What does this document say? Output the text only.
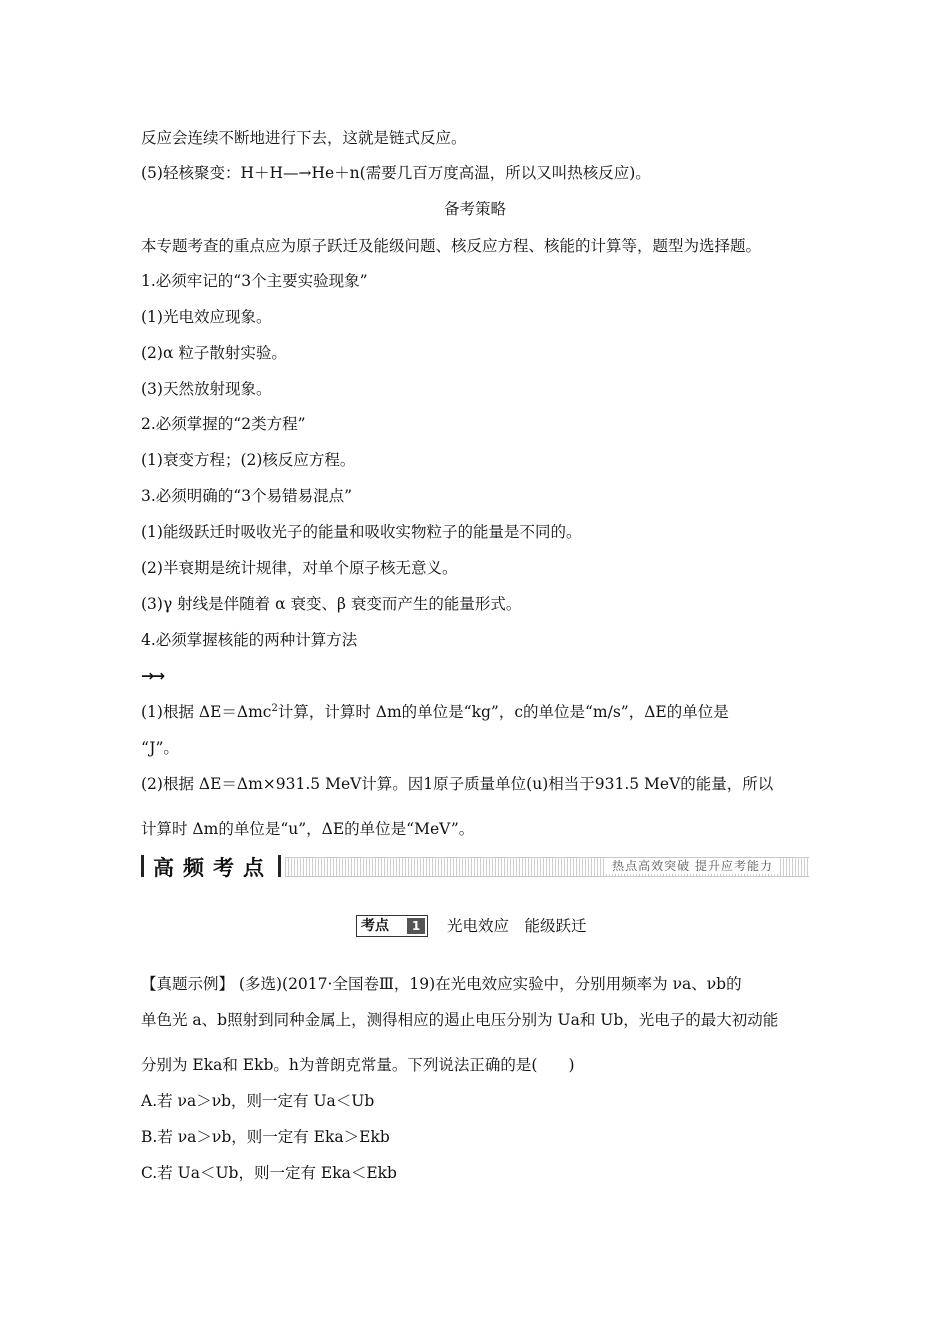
反应会连续不断地进行下去，这就是链式反应。
(5)轻核聚变：H＋H—→He＋n(需要几百万度高温，所以又叫热核反应)。
备考策略
本专题考查的重点应为原子跃迁及能级问题、核反应方程、核能的计算等，题型为选择题。
1.必须牢记的“3个主要实验现象”
(1)光电效应现象。
(2)α 粒子散射实验。
(3)天然放射现象。
2.必须掌握的“2类方程”
(1)衰变方程；(2)核反应方程。
3.必须明确的“3个易错易混点”
(1)能级跃迁时吸收光子的能量和吸收实物粒子的能量是不同的。
(2)半衰期是统计规律，对单个原子核无意义。
(3)γ 射线是伴随着 α 衰变、β 衰变而产生的能量形式。
4.必须掌握核能的两种计算方法
→→
(1)根据 ΔE＝Δmc$^2$计算，计算时 Δm的单位是“kg”，c的单位是“m/s”，ΔE的单位是
“J”。
(2)根据 ΔE＝Δm×931.5 MeV计算。因1原子质量单位(u)相当于931.5 MeV的能量，所以
计算时 Δm的单位是“u”，ΔE的单位是“MeV”。
高频考点	热点高效突破 提升应考能力
考点	1	光电效应　能级跃迁
【真题示例】 (多选)(2017·全国卷Ⅲ，19)在光电效应实验中，分别用频率为 νa、νb的
单色光 a、b照射到同种金属上，测得相应的遏止电压分别为 Ua和 Ub，光电子的最大初动能
分别为 Eka和 Ekb。h为普朗克常量。下列说法正确的是(　　)
A.若 νa＞νb，则一定有 Ua＜Ub
B.若 νa＞νb，则一定有 Eka＞Ekb
C.若 Ua＜Ub，则一定有 Eka＜Ekb
